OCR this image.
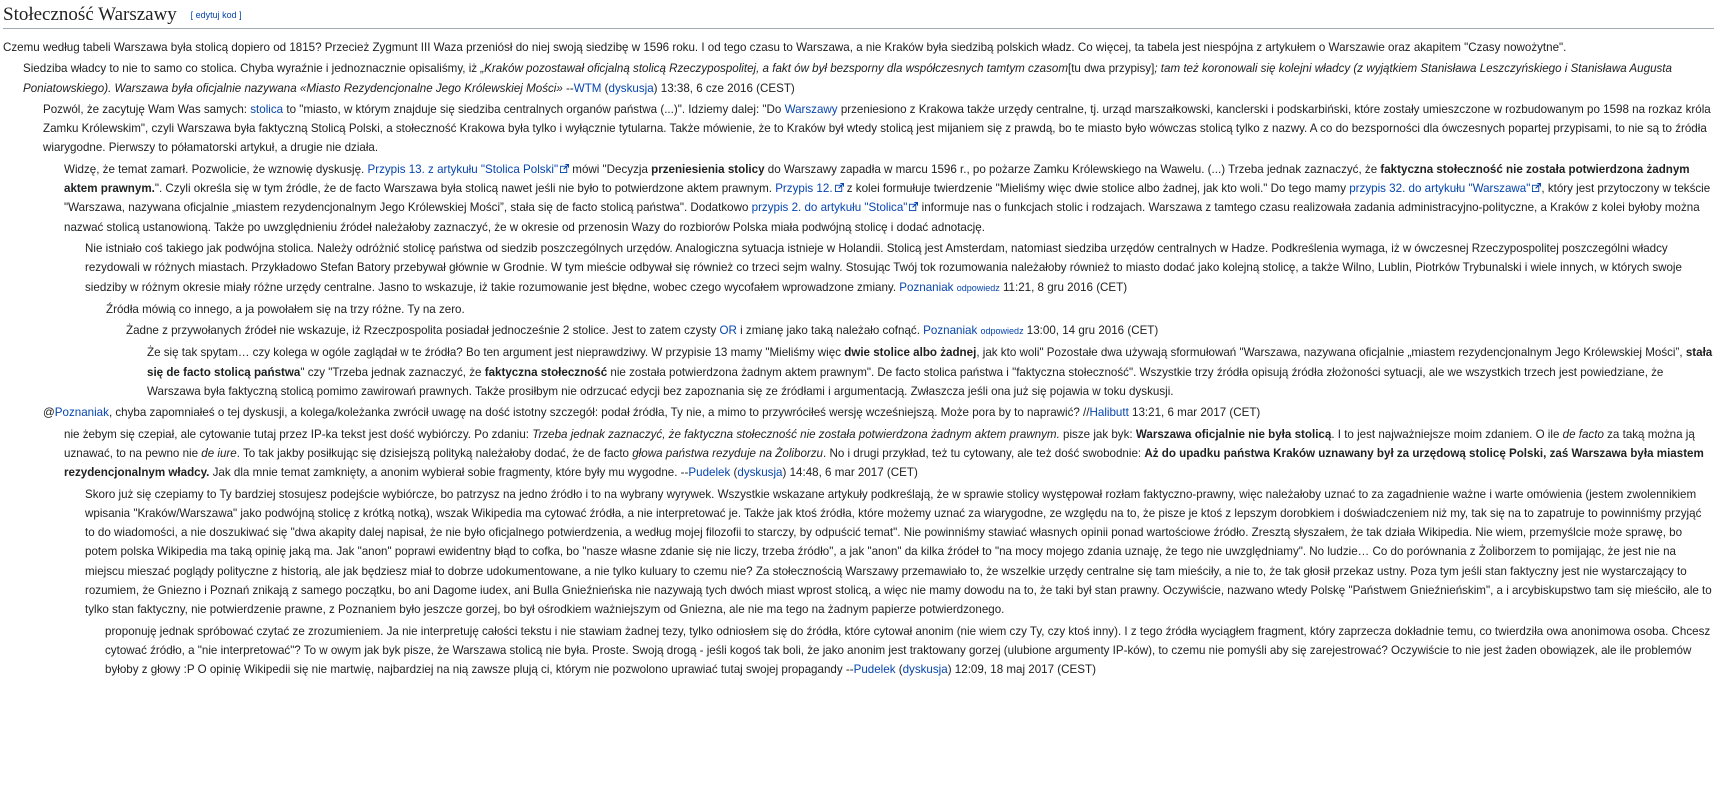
Stołeczność Warszawy [ edytuj kod ]

Czemu według tabeli Warszawa była stolicą dopiero od 1815? Przecież Zygmunt III Waza przeniósł do niej swoją siedzibę w 1596 roku. I od tego czasu to Warszawa, a nie Kraków była siedzibą polskich władz. Co więcej, ta tabela jest niespójna z artykułem o Warszawie oraz akapitem "Czasy nowożytne".

Siedziba władcy to nie to samo co stolica. Chyba wyraźnie i jednoznacznie opisaliśmy, iż „Kraków pozostawał oficjalną stolicą Rzeczypospolitej, a fakt ów był bezsporny dla współczesnych tamtym czasom[tu dwa przypisy]; tam też koronowali się kolejni władcy (z wyjątkiem Stanisława Leszczyńskiego i Stanisława Augusta Poniatowskiego). Warszawa była oficjalnie nazywana «Miasto Rezydencjonalne Jego Królewskiej Mości» --WTM (dyskusja) 13:38, 6 cze 2016 (CEST)

Pozwól, że zacytuję Wam Was samych: stolica to "miasto, w którym znajduje się siedziba centralnych organów państwa (...)". Idziemy dalej: "Do Warszawy przeniesiono z Krakowa także urzędy centralne, tj. urząd marszałkowski, kanclerski i podskarbiński, które zostały umieszczone w rozbudowanym po 1598 na rozkaz króla Zamku Królewskim", czyli Warszawa była faktyczną Stolicą Polski, a stołeczność Krakowa była tylko i wyłącznie tytularna. Także mówienie, że to Kraków był wtedy stolicą jest mijaniem się z prawdą, bo te miasto było wówczas stolicą tylko z nazwy. A co do bezsporności dla ówczesnych popartej przypisami, to nie są to źródła wiarygodne. Pierwszy to półamatorski artykuł, a drugie nie działa.

Widzę, że temat zamarł. Pozwolicie, że wznowię dyskusję. Przypis 13. z artykułu "Stolica Polski" mówi "Decyzja przeniesienia stolicy do Warszawy zapadła w marcu 1596 r., po pożarze Zamku Królewskiego na Wawelu. (...) Trzeba jednak zaznaczyć, że faktyczna stołeczność nie została potwierdzona żadnym aktem prawnym.". Czyli określa się w tym źródle, że de facto Warszawa była stolicą nawet jeśli nie było to potwierdzone aktem prawnym. Przypis 12. z kolei formułuje twierdzenie "Mieliśmy więc dwie stolice albo żadnej, jak kto woli." Do tego mamy przypis 32. do artykułu "Warszawa" , który jest przytoczony w tekście "Warszawa, nazywana oficjalnie „miastem rezydencjonalnym Jego Królewskiej Mości”, stała się de facto stolicą państwa". Dodatkowo przypis 2. do artykułu "Stolica" informuje nas o funkcjach stolic i rodzajach. Warszawa z tamtego czasu realizowała zadania administracyjno-polityczne, a Kraków z kolei byłoby można nazwać stolicą ustanowioną. Także po uwzględnieniu źródeł należałoby zaznaczyć, że w okresie od przenosin Wazy do rozbiorów Polska miała podwójną stolicę i dodać adnotację.

Nie istniało coś takiego jak podwójna stolica. Należy odróżnić stolicę państwa od siedzib poszczególnych urzędów. Analogiczna sytuacja istnieje w Holandii. Stolicą jest Amsterdam, natomiast siedziba urzędów centralnych w Hadze. Podkreślenia wymaga, iż w ówczesnej Rzeczypospolitej poszczególni władcy rezydowali w różnych miastach. Przykładowo Stefan Batory przebywał głównie w Grodnie. W tym mieście odbywał się również co trzeci sejm walny. Stosując Twój tok rozumowania należałoby również to miasto dodać jako kolejną stolicę, a także Wilno, Lublin, Piotrków Trybunalski i wiele innych, w których swoje siedziby w różnym okresie miały różne urzędy centralne. Jasno to wskazuje, iż takie rozumowanie jest błędne, wobec czego wycofałem wprowadzone zmiany. Poznaniak odpowiedz 11:21, 8 gru 2016 (CET)

Źródła mówią co innego, a ja powołałem się na trzy różne. Ty na zero.

Żadne z przywołanych źródeł nie wskazuje, iż Rzeczpospolita posiadał jednocześnie 2 stolice. Jest to zatem czysty OR i zmianę jako taką należało cofnąć. Poznaniak odpowiedz 13:00, 14 gru 2016 (CET)

Że się tak spytam… czy kolega w ogóle zaglądał w te źródła? Bo ten argument jest nieprawdziwy. W przypisie 13 mamy "Mieliśmy więc dwie stolice albo żadnej, jak kto woli" Pozostałe dwa używają sformułowań "Warszawa, nazywana oficjalnie „miastem rezydencjonalnym Jego Królewskiej Mości”, stała się de facto stolicą państwa" czy "Trzeba jednak zaznaczyć, że faktyczna stołeczność nie została potwierdzona żadnym aktem prawnym". De facto stolica państwa i "faktyczna stołeczność". Wszystkie trzy źródła opisują źródła złożoności sytuacji, ale we wszystkich trzech jest powiedziane, że Warszawa była faktyczną stolicą pomimo zawirowań prawnych. Także prosiłbym nie odrzucać edycji bez zapoznania się ze źródłami i argumentacją. Zwłaszcza jeśli ona już się pojawia w toku dyskusji.

@Poznaniak, chyba zapomniałeś o tej dyskusji, a kolega/koleżanka zwrócił uwagę na dość istotny szczegół: podał źródła, Ty nie, a mimo to przywróciłeś wersję wcześniejszą. Może pora by to naprawić? //Halibutt 13:21, 6 mar 2017 (CET)

nie żebym się czepiał, ale cytowanie tutaj przez IP-ka tekst jest dość wybiórczy. Po zdaniu: Trzeba jednak zaznaczyć, że faktyczna stołeczność nie została potwierdzona żadnym aktem prawnym. pisze jak byk: Warszawa oficjalnie nie była stolicą. I to jest najważniejsze moim zdaniem. O ile de facto za taką można ją uznawać, to na pewno nie de iure. To tak jakby posiłkując się dzisiejszą polityką należałoby dodać, że de facto głowa państwa rezyduje na Żoliborzu. No i drugi przykład, też tu cytowany, ale też dość swobodnie: Aż do upadku państwa Kraków uznawany był za urzędową stolicę Polski, zaś Warszawa była miastem rezydencjonalnym władcy. Jak dla mnie temat zamknięty, a anonim wybierał sobie fragmenty, które były mu wygodne. --Pudelek (dyskusja) 14:48, 6 mar 2017 (CET)

Skoro już się czepiamy to Ty bardziej stosujesz podejście wybiórcze, bo patrzysz na jedno źródło i to na wybrany wyrywek. Wszystkie wskazane artykuły podkreślają, że w sprawie stolicy występował rozłam faktyczno-prawny, więc należałoby uznać to za zagadnienie ważne i warte omówienia (jestem zwolennikiem wpisania "Kraków/Warszawa" jako podwójną stolicę z krótką notką), wszak Wikipedia ma cytować źródła, a nie interpretować je. Także jak ktoś źródła, które możemy uznać za wiarygodne, ze względu na to, że pisze je ktoś z lepszym dorobkiem i doświadczeniem niż my, tak się na to zapatruje to powinniśmy przyjąć to do wiadomości, a nie doszukiwać się "dwa akapity dalej napisał, że nie było oficjalnego potwierdzenia, a według mojej filozofii to starczy, by odpuścić temat". Nie powinniśmy stawiać własnych opinii ponad wartościowe źródło. Zresztą słyszałem, że tak działa Wikipedia. Nie wiem, przemyślcie może sprawę, bo potem polska Wikipedia ma taką opinię jaką ma. Jak "anon" poprawi ewidentny błąd to cofka, bo "nasze własne zdanie się nie liczy, trzeba źródło", a jak "anon" da kilka źródeł to "na mocy mojego zdania uznaję, że tego nie uwzględniamy". No ludzie… Co do porównania z Żoliborzem to pomijając, że jest nie na miejscu mieszać poglądy polityczne z historią, ale jak będziesz miał to dobrze udokumentowane, a nie tylko kuluary to czemu nie? Za stołecznością Warszawy przemawiało to, że wszelkie urzędy centralne się tam mieściły, a nie to, że tak głosił przekaz ustny. Poza tym jeśli stan faktyczny jest nie wystarczający to rozumiem, że Gniezno i Poznań znikają z samego początku, bo ani Dagome iudex, ani Bulla Gnieźnieńska nie nazywają tych dwóch miast wprost stolicą, a więc nie mamy dowodu na to, że taki był stan prawny. Oczywiście, nazwano wtedy Polskę "Państwem Gnieźnieńskim", a i arcybiskupstwo tam się mieściło, ale to tylko stan faktyczny, nie potwierdzenie prawne, z Poznaniem było jeszcze gorzej, bo był ośrodkiem ważniejszym od Gniezna, ale nie ma tego na żadnym papierze potwierdzonego.

proponuję jednak spróbować czytać ze zrozumieniem. Ja nie interpretuję całości tekstu i nie stawiam żadnej tezy, tylko odniosłem się do źródła, które cytował anonim (nie wiem czy Ty, czy ktoś inny). I z tego źródła wyciągłem fragment, który zaprzecza dokładnie temu, co twierdziła owa anonimowa osoba. Chcesz cytować źródło, a "nie interpretować"? To w owym jak byk pisze, że Warszawa stolicą nie była. Proste. Swoją drogą - jeśli kogoś tak boli, że jako anonim jest traktowany gorzej (ulubione argumenty IP-ków), to czemu nie pomyśli aby się zarejestrować? Oczywiście to nie jest żaden obowiązek, ale ile problemów byłoby z głowy :P O opinię Wikipedii się nie martwię, najbardziej na nią zawsze plują ci, którym nie pozwolono uprawiać tutaj swojej propagandy --Pudelek (dyskusja) 12:09, 18 maj 2017 (CEST)
